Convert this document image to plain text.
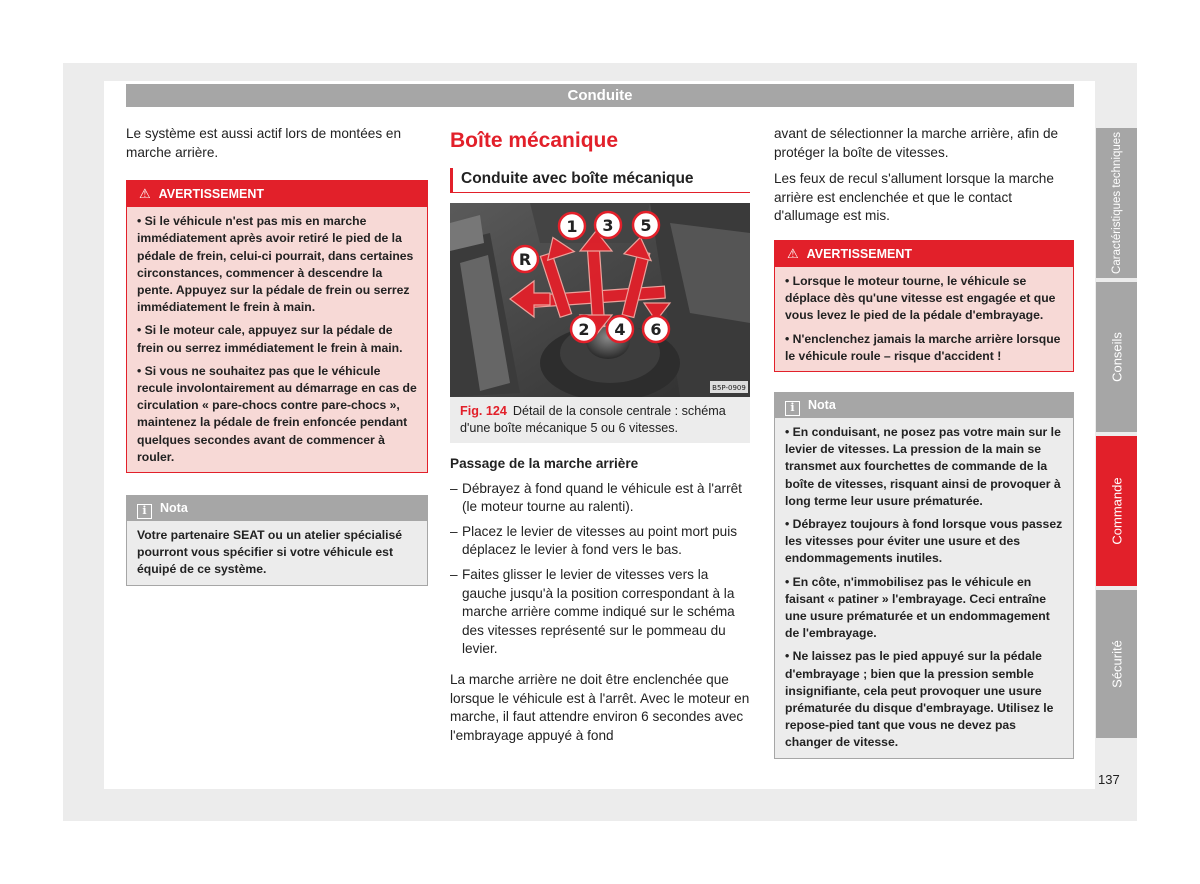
Conduite

Le système est aussi actif lors de montées en marche arrière.

⚠ AVERTISSEMENT

• Si le véhicule n'est pas mis en marche immédiatement après avoir retiré le pied de la pédale de frein, celui-ci pourrait, dans certaines circonstances, commencer à descendre la pente. Appuyez sur la pédale de frein ou serrez immédiatement le frein à main.

• Si le moteur cale, appuyez sur la pédale de frein ou serrez immédiatement le frein à main.

• Si vous ne souhaitez pas que le véhicule recule involontairement au démarrage en cas de circulation « pare-chocs contre pare-chocs », maintenez la pédale de frein enfoncée pendant quelques secondes avant de commencer à rouler.

i Nota

Votre partenaire SEAT ou un atelier spécialisé pourront vous spécifier si votre véhicule est équipé de ce système.

Boîte mécanique
Conduite avec boîte mécanique
1 3 5
R
2 4 6
B5P-0909
Fig. 124 Détail de la console centrale : schéma d'une boîte mécanique 5 ou 6 vitesses.

Passage de la marche arrière

– Débrayez à fond quand le véhicule est à l'arrêt (le moteur tourne au ralenti).
– Placez le levier de vitesses au point mort puis déplacez le levier à fond vers le bas.
– Faites glisser le levier de vitesses vers la gauche jusqu'à la position correspondant à la marche arrière comme indiqué sur le schéma des vitesses représenté sur le pommeau du levier.

La marche arrière ne doit être enclenchée que lorsque le véhicule est à l'arrêt. Avec le moteur en marche, il faut attendre environ 6 secondes avec l'embrayage appuyé à fond

avant de sélectionner la marche arrière, afin de protéger la boîte de vitesses.

Les feux de recul s'allument lorsque la marche arrière est enclenchée et que le contact d'allumage est mis.

⚠ AVERTISSEMENT

• Lorsque le moteur tourne, le véhicule se déplace dès qu'une vitesse est engagée et que vous levez le pied de la pédale d'embrayage.

• N'enclenchez jamais la marche arrière lorsque le véhicule roule – risque d'accident !

i Nota

• En conduisant, ne posez pas votre main sur le levier de vitesses. La pression de la main se transmet aux fourchettes de commande de la boîte de vitesses, risquant ainsi de provoquer à long terme leur usure prématurée.

• Débrayez toujours à fond lorsque vous passez les vitesses pour éviter une usure et des endommagements inutiles.

• En côte, n'immobilisez pas le véhicule en faisant « patiner » l'embrayage. Ceci entraîne une usure prématurée et un endommagement de l'embrayage.

• Ne laissez pas le pied appuyé sur la pédale d'embrayage ; bien que la pression semble insignifiante, cela peut provoquer une usure prématurée du disque d'embrayage. Utilisez le repose-pied tant que vous ne devez pas changer de vitesse.

Caractéristiques techniques
Conseils
Commande
Sécurité
137
